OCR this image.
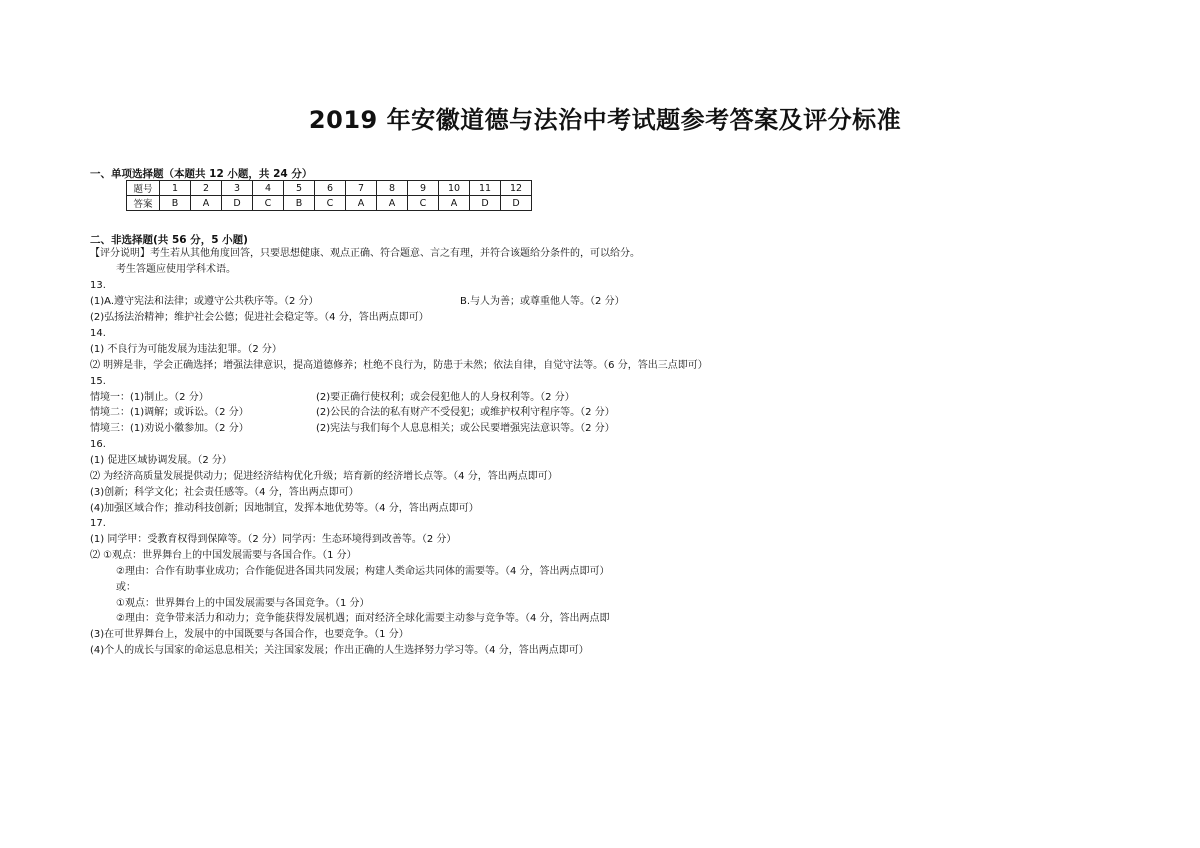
2019 年安徽道德与法治中考试题参考答案及评分标准
一、单项选择题（本题共 12 小题，共 24 分）
题号	1	2	3	4	5	6	7	8	9	10	11	12
答案	B	A	D	C	B	C	A	A	C	A	D	D
二、非选择题(共 56 分，5 小题)
【评分说明】考生若从其他角度回答，只要思想健康、观点正确、符合题意、言之有理，并符合该题给分条件的，可以给分。
考生答题应使用学科术语。
13.
(1)A.遵守宪法和法律；或遵守公共秩序等。（2 分）	B.与人为善；或尊重他人等。（2 分）
(2)弘扬法治精神；维护社会公德；促进社会稳定等。（4 分，答出两点即可）
14.
(1) 不良行为可能发展为违法犯罪。（2 分）
⑵ 明辨是非，学会正确选择；增强法律意识，提高道德修养；杜绝不良行为，防患于未然；依法自律，自觉守法等。（6 分，答出三点即可）
15.
情境一：(1)制止。（2 分）	(2)要正确行使权利；或会侵犯他人的人身权利等。（2 分）
情境二：(1)调解；或诉讼。（2 分）	(2)公民的合法的私有财产不受侵犯；或维护权利守程序等。（2 分）
情境三：(1)劝说小徽参加。（2 分）	(2)宪法与我们每个人息息相关；或公民要增强宪法意识等。（2 分）
16.
(1) 促进区域协调发展。（2 分）
⑵ 为经济高质量发展提供动力；促进经济结构优化升级；培育新的经济增长点等。（4 分，答出两点即可）
(3)创新；科学文化；社会责任感等。（4 分，答出两点即可）
(4)加强区域合作；推动科技创新；因地制宜，发挥本地优势等。（4 分，答出两点即可）
17.
(1) 同学甲：受教育权得到保障等。（2 分）同学丙：生态环境得到改善等。（2 分）
⑵ ①观点：世界舞台上的中国发展需要与各国合作。（1 分）
②理由：合作有助事业成功；合作能促进各国共同发展；构建人类命运共同体的需要等。（4 分，答出两点即可）
或：
①观点：世界舞台上的中国发展需要与各国竞争。（1 分）
②理由：竞争带来活力和动力；竞争能获得发展机遇；面对经济全球化需要主动参与竞争等。（4 分，答出两点即
(3)在可世界舞台上，发展中的中国既要与各国合作，也要竞争。（1 分）
(4)个人的成长与国家的命运息息相关；关注国家发展；作出正确的人生选择努力学习等。（4 分，答出两点即可）
